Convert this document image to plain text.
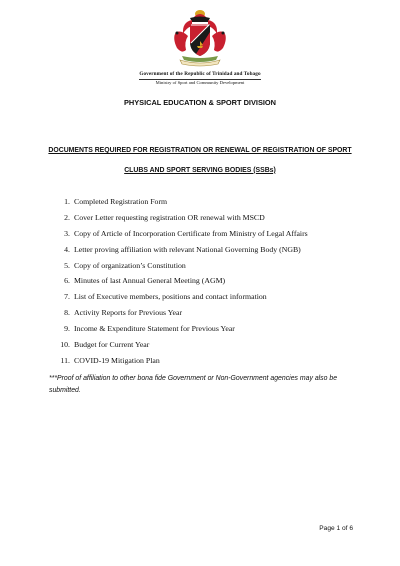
Government of the Republic of Trinidad and Tobago
Ministry of Sport and Community Development
PHYSICAL EDUCATION & SPORT DIVISION
DOCUMENTS REQUIRED FOR REGISTRATION OR RENEWAL OF REGISTRATION OF SPORT CLUBS AND SPORT SERVING BODIES (SSBs)
1. Completed Registration Form
2. Cover Letter requesting registration OR renewal with MSCD
3. Copy of Article of Incorporation Certificate from Ministry of Legal Affairs
4. Letter proving affiliation with relevant National Governing Body (NGB)
5. Copy of organization’s Constitution
6. Minutes of last Annual General Meeting (AGM)
7. List of Executive members, positions and contact information
8. Activity Reports for Previous Year
9. Income & Expenditure Statement for Previous Year
10. Budget for Current Year
11. COVID-19 Mitigation Plan
***Proof of affiliation to other bona fide Government or Non-Government agencies may also be submitted.
Page 1 of 6
